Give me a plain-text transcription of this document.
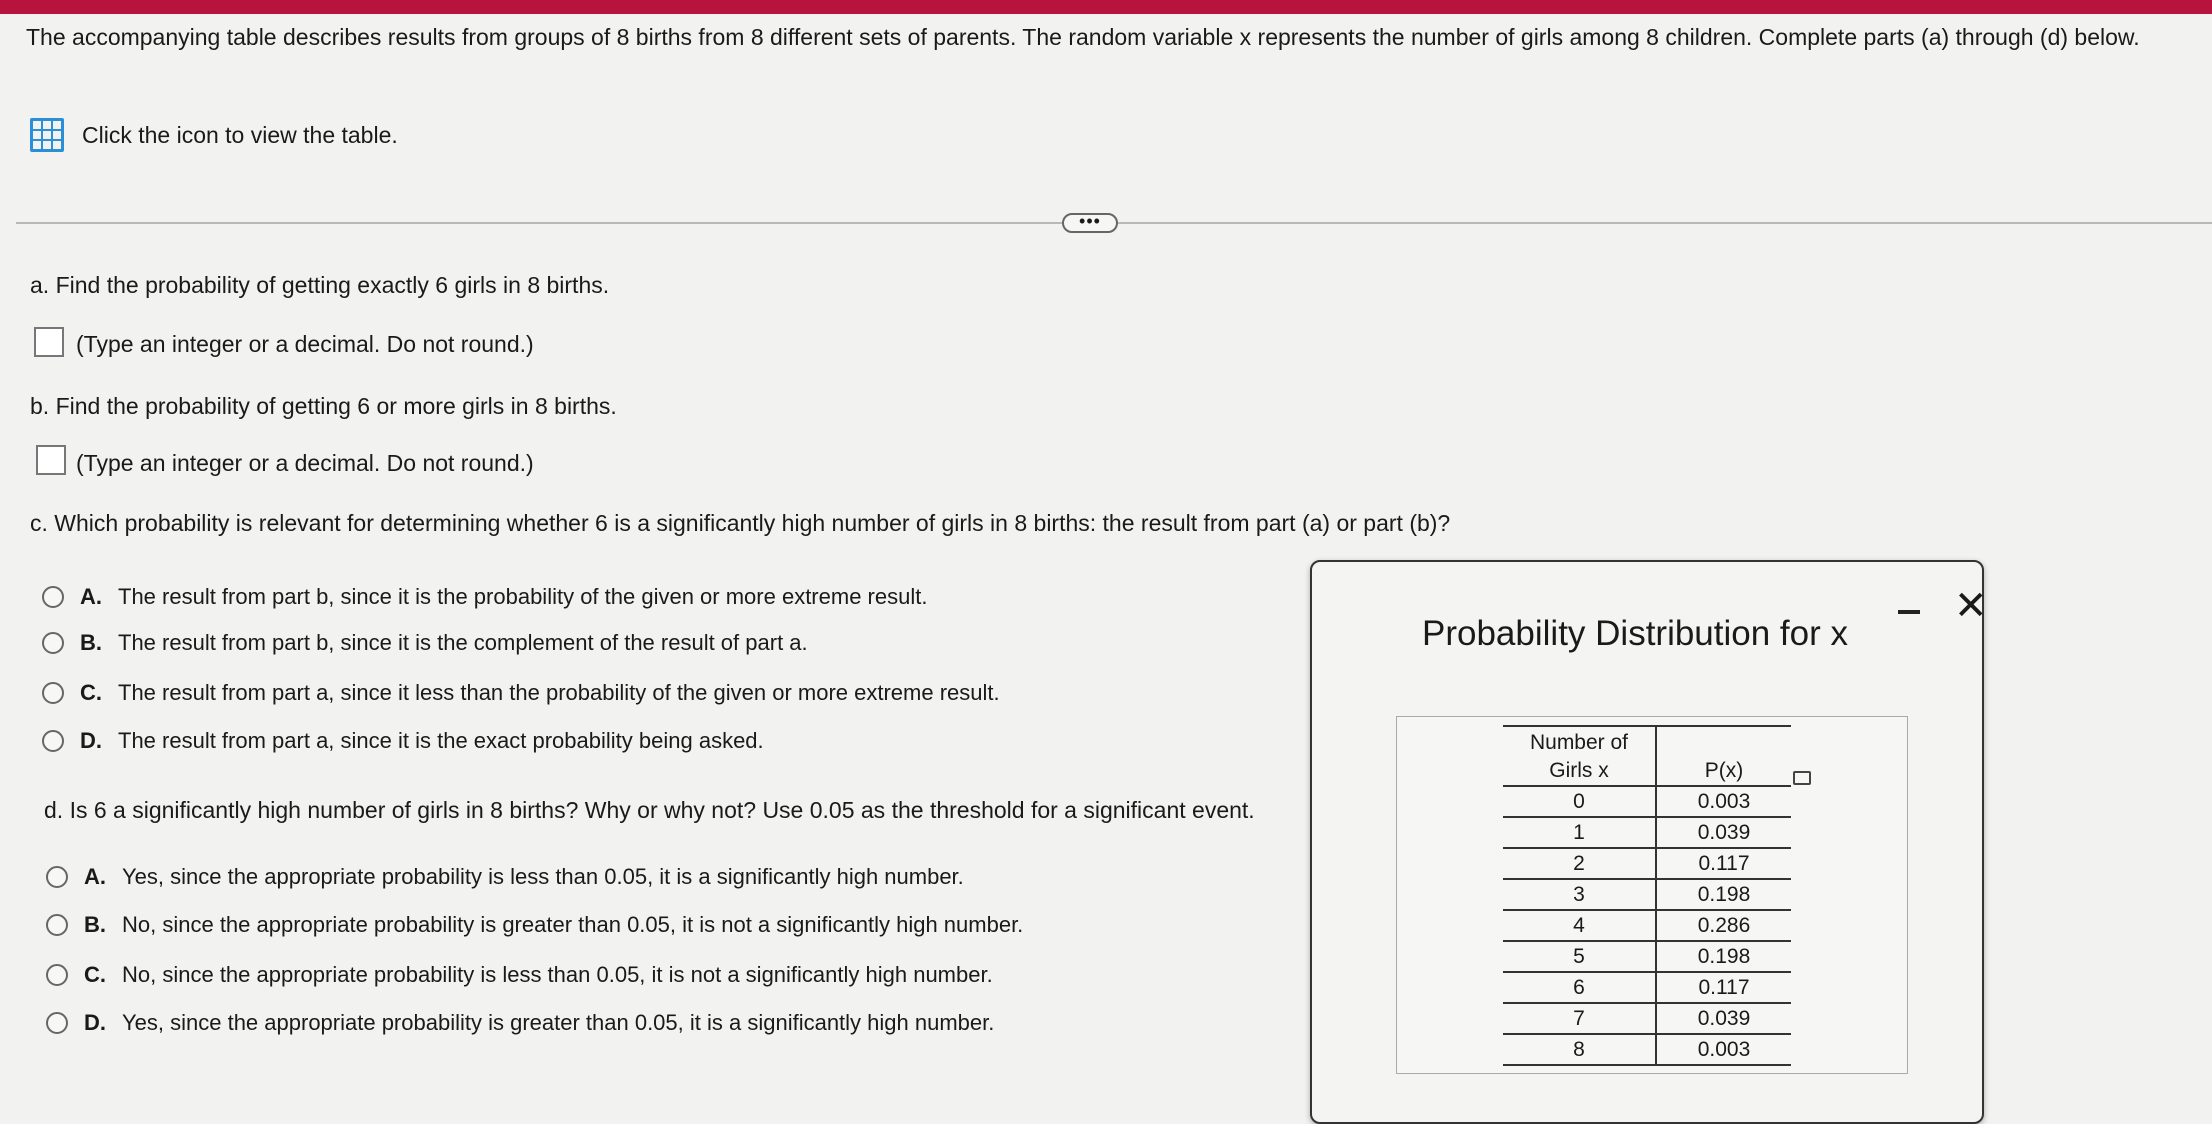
The accompanying table describes results from groups of 8 births from 8 different sets of parents. The random variable x represents the number of girls among 8 children. Complete parts (a) through (d) below.
Click the icon to view the table.
•••
a. Find the probability of getting exactly 6 girls in 8 births.
(Type an integer or a decimal. Do not round.)
b. Find the probability of getting 6 or more girls in 8 births.
(Type an integer or a decimal. Do not round.)
c. Which probability is relevant for determining whether 6 is a significantly high number of girls in 8 births: the result from part (a) or part (b)?
A. The result from part b, since it is the probability of the given or more extreme result.
B. The result from part b, since it is the complement of the result of part a.
C. The result from part a, since it less than the probability of the given or more extreme result.
D. The result from part a, since it is the exact probability being asked.
d. Is 6 a significantly high number of girls in 8 births? Why or why not? Use 0.05 as the threshold for a significant event.
A. Yes, since the appropriate probability is less than 0.05, it is a significantly high number.
B. No, since the appropriate probability is greater than 0.05, it is not a significantly high number.
C. No, since the appropriate probability is less than 0.05, it is not a significantly high number.
D. Yes, since the appropriate probability is greater than 0.05, it is a significantly high number.
Probability Distribution for x
✕
Number of
Girls x	P(x)
0	0.003
1	0.039
2	0.117
3	0.198
4	0.286
5	0.198
6	0.117
7	0.039
8	0.003
